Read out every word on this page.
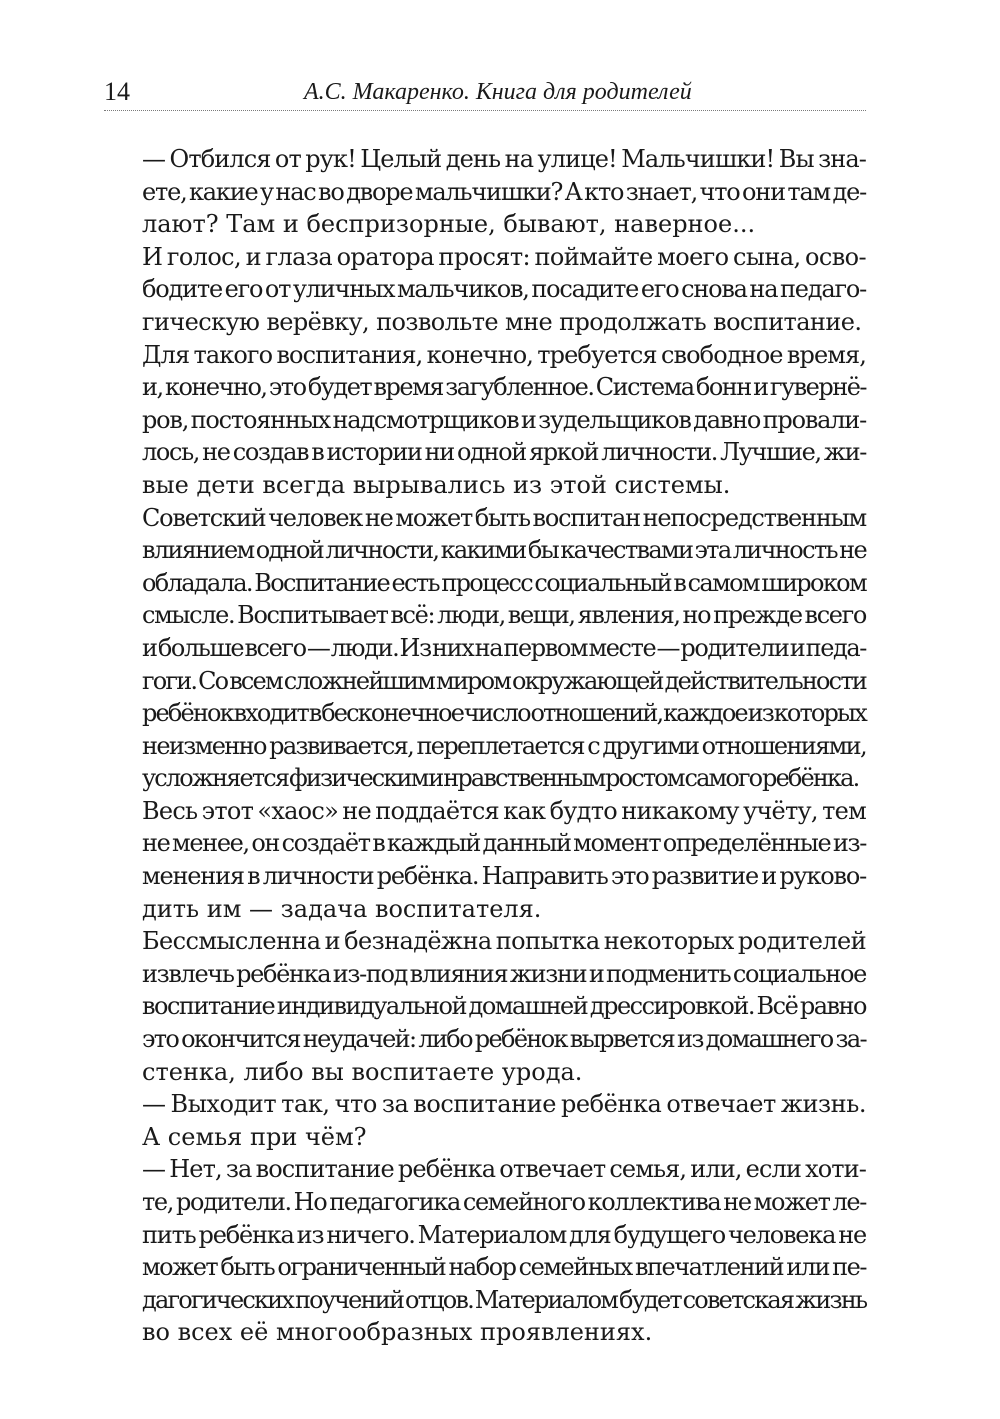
14	А.С. Макаренко. Книга для родителей
— Отбился от рук! Целый день на улице! Мальчишки! Вы зна-
ете, какие у нас во дворе мальчишки? А кто знает, что они там де-
лают? Там и беспризорные, бывают, наверное...
И голос, и глаза оратора просят: поймайте моего сына, осво-
бодите его от уличных мальчиков, посадите его снова на педаго-
гическую верёвку, позвольте мне продолжать воспитание.
Для такого воспитания, конечно, требуется свободное время,
и, конечно, это будет время загубленное. Система бонн и гувернё-
ров, постоянных надсмотрщиков и зудельщиков давно провали-
лось, не создав в истории ни одной яркой личности. Лучшие, жи-
вые дети всегда вырывались из этой системы.
Советский человек не может быть воспитан непосредственным
влиянием одной личности, какими бы качествами эта личность не
обладала. Воспитание есть процесс социальный в самом широком
смысле. Воспитывает всё: люди, вещи, явления, но прежде всего
и больше всего — люди. Из них на первом месте — родители и педа-
гоги. Со всем сложнейшим миром окружающей действительности
ребёнок входит в бесконечное число отношений, каждое из которых
неизменно развивается, переплетается с другими отношениями,
усложняется физическим и нравственным ростом самого ребёнка.
Весь этот «хаос» не поддаётся как будто никакому учёту, тем
не менее, он создаёт в каждый данный момент определённые из-
менения в личности ребёнка. Направить это развитие и руково-
дить им — задача воспитателя.
Бессмысленна и безнадёжна попытка некоторых родителей
извлечь ребёнка из-под влияния жизни и подменить социальное
воспитание индивидуальной домашней дрессировкой. Всё равно
это окончится неудачей: либо ребёнок вырвется из домашнего за-
стенка, либо вы воспитаете урода.
— Выходит так, что за воспитание ребёнка отвечает жизнь.
А семья при чём?
— Нет, за воспитание ребёнка отвечает семья, или, если хоти-
те, родители. Но педагогика семейного коллектива не может ле-
пить ребёнка из ничего. Материалом для будущего человека не
может быть ограниченный набор семейных впечатлений или пе-
дагогических поучений отцов. Материалом будет советская жизнь
во всех её многообразных проявлениях.
